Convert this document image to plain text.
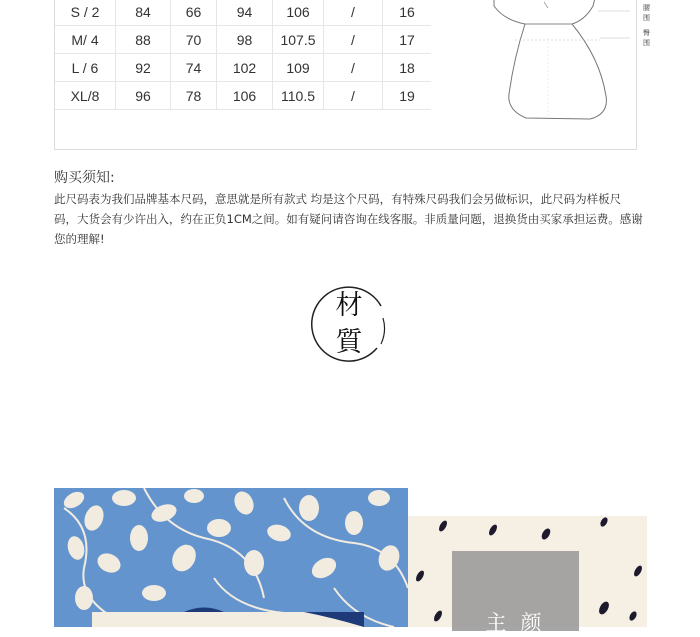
S / 2	84	66	94	106	/	16
M/ 4	88	70	98	107.5	/	17
L / 6	92	74	102	109	/	18
XL/8	96	78	106	110.5	/	19
腰围
臀围
购买须知:

此尺码表为我们品牌基本尺码，意思就是所有款式 均是这个尺码，有特殊尺码我们会另做标识，此尺码为样板尺码，大货会有少许出入，约在正负1CM之间。如有疑问请咨询在线客服。非质量问题，退换货由买家承担运费。感谢您的理解!

材
質
主颜
